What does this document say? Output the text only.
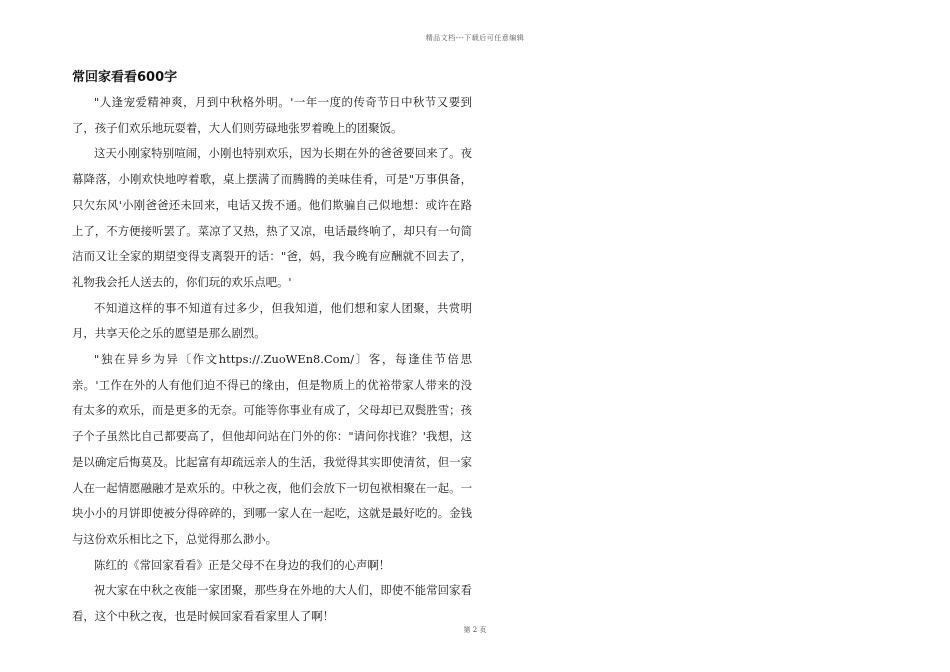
精品文档---下载后可任意编辑
常回家看看600字

"人逢宠爱精神爽，月到中秋格外明。'一年一度的传奇节日中秋节又要到了，孩子们欢乐地玩耍着，大人们则劳碌地张罗着晚上的团聚饭。

这天小刚家特别喧闹，小刚也特别欢乐，因为长期在外的爸爸要回来了。夜幕降落，小刚欢快地哼着歌，桌上摆满了而腾腾的美味佳肴，可是"万事俱备，只欠东风'小刚爸爸还未回来，电话又拨不通。他们欺骗自己似地想：或许在路上了，不方便接听罢了。菜凉了又热，热了又凉，电话最终响了，却只有一句简洁而又让全家的期望变得支离裂开的话："爸，妈，我今晚有应酬就不回去了，礼物我会托人送去的，你们玩的欢乐点吧。'

不知道这样的事不知道有过多少，但我知道，他们想和家人团聚，共赏明月，共享天伦之乐的愿望是那么剧烈。

"独在异乡为异〔作文https://.ZuoWEn8.Com/〕客，每逢佳节倍思亲。'工作在外的人有他们迫不得已的缘由，但是物质上的优裕带家人带来的没有太多的欢乐，而是更多的无奈。可能等你事业有成了，父母却已双鬓胜雪；孩子个子虽然比自己都要高了，但他却问站在门外的你："请问你找谁？'我想，这是以确定后悔莫及。比起富有却疏远亲人的生活，我觉得其实即使清贫，但一家人在一起情愿融融才是欢乐的。中秋之夜，他们会放下一切包袱相聚在一起。一块小小的月饼即使被分得碎碎的，到哪一家人在一起吃，这就是最好吃的。金钱与这份欢乐相比之下，总觉得那么渺小。

陈红的《常回家看看》正是父母不在身边的我们的心声啊！

祝大家在中秋之夜能一家团聚，那些身在外地的大人们，即使不能常回家看看，这个中秋之夜，也是时候回家看看家里人了啊！

第 2 页
